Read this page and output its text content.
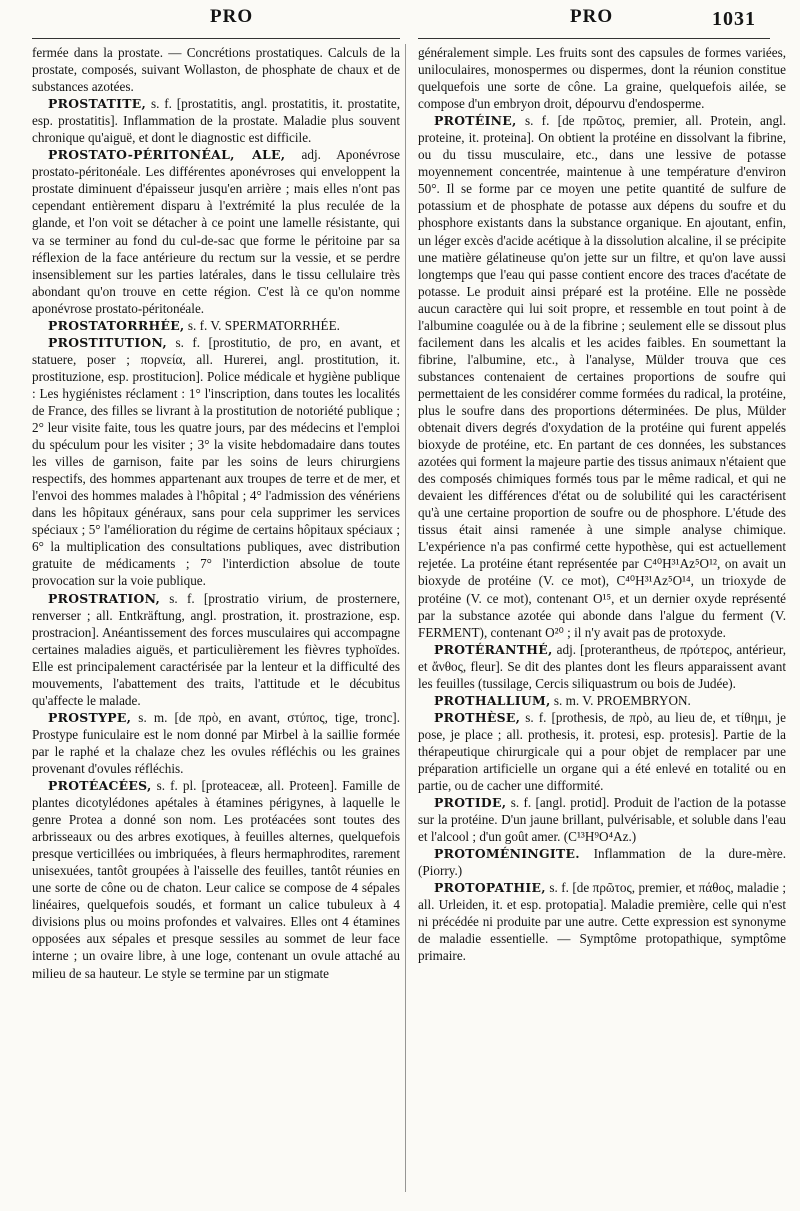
PRO	PRO	1031

fermée dans la prostate. — Concrétions prostatiques. Calculs de la prostate, composés, suivant Wollaston, de phosphate de chaux et de substances azotées.

PROSTATITE, s. f. [prostatitis, angl. prostatitis, it. prostatite, esp. prostatitis]. Inflammation de la prostate. Maladie plus souvent chronique qu'aiguë, et dont le diagnostic est difficile.

PROSTATO-PÉRITONÉAL, ALE, adj. Aponévrose prostato-péritonéale. Les différentes aponévroses qui enveloppent la prostate diminuent d'épaisseur jusqu'en arrière ; mais elles n'ont pas cependant entièrement disparu à l'extrémité la plus reculée de la glande, et l'on voit se détacher à ce point une lamelle résistante, qui va se terminer au fond du cul-de-sac que forme le péritoine par sa réflexion de la face antérieure du rectum sur la vessie, et se perdre insensiblement sur les parties latérales, dans le tissu cellulaire très abondant qu'on trouve en cette région. C'est là ce qu'on nomme aponévrose prostato-péritonéale.

PROSTATORRHÉE, s. f. V. SPERMATORRHÉE.

PROSTITUTION, s. f. [prostitutio, de pro, en avant, et statuere, poser ; πορνεία, all. Hurerei, angl. prostitution, it. prostituzione, esp. prostitucion]. Police médicale et hygiène publique : Les hygiénistes réclament : 1° l'inscription, dans toutes les localités de France, des filles se livrant à la prostitution de notoriété publique ; 2° leur visite faite, tous les quatre jours, par des médecins et l'emploi du spéculum pour les visiter ; 3° la visite hebdomadaire dans toutes les villes de garnison, faite par les soins de leurs chirurgiens respectifs, des hommes appartenant aux troupes de terre et de mer, et l'envoi des hommes malades à l'hôpital ; 4° l'admission des vénériens dans les hôpitaux généraux, sans pour cela supprimer les services spéciaux ; 5° l'amélioration du régime de certains hôpitaux spéciaux ; 6° la multiplication des consultations publiques, avec distribution gratuite de médicaments ; 7° l'interdiction absolue de toute provocation sur la voie publique.

PROSTRATION, s. f. [prostratio virium, de prosternere, renverser ; all. Entkräftung, angl. prostration, it. prostrazione, esp. prostracion]. Anéantissement des forces musculaires qui accompagne certaines maladies aiguës, et particulièrement les fièvres typhoïdes. Elle est principalement caractérisée par la lenteur et la difficulté des mouvements, l'abattement des traits, l'attitude et le décubitus qu'affecte le malade.

PROSTYPE, s. m. [de πρὸ, en avant, στύπος, tige, tronc]. Prostype funiculaire est le nom donné par Mirbel à la saillie formée par le raphé et la chalaze chez les ovules réfléchis ou les graines provenant d'ovules réfléchis.

PROTÉACÉES, s. f. pl. [proteaceæ, all. Proteen]. Famille de plantes dicotylédones apétales à étamines périgynes, à laquelle le genre Protea a donné son nom. Les protéacées sont toutes des arbrisseaux ou des arbres exotiques, à feuilles alternes, quelquefois presque verticillées ou imbriquées, à fleurs hermaphrodites, rarement unisexuées, tantôt groupées à l'aisselle des feuilles, tantôt réunies en une sorte de cône ou de chaton. Leur calice se compose de 4 sépales linéaires, quelquefois soudés, et formant un calice tubuleux à 4 divisions plus ou moins profondes et valvaires. Elles ont 4 étamines opposées aux sépales et presque sessiles au sommet de leur face interne ; un ovaire libre, à une loge, contenant un ovule attaché au milieu de sa hauteur. Le style se termine par un stigmate

généralement simple. Les fruits sont des capsules de formes variées, uniloculaires, monospermes ou dispermes, dont la réunion constitue quelquefois une sorte de cône. La graine, quelquefois ailée, se compose d'un embryon droit, dépourvu d'endosperme.

PROTÉINE, s. f. [de πρῶτος, premier, all. Protein, angl. proteine, it. proteina]. On obtient la protéine en dissolvant la fibrine, ou du tissu musculaire, etc., dans une lessive de potasse moyennement concentrée, maintenue à une température d'environ 50°. Il se forme par ce moyen une petite quantité de sulfure de potassium et de phosphate de potasse aux dépens du soufre et du phosphore existants dans la substance organique. En ajoutant, enfin, un léger excès d'acide acétique à la dissolution alcaline, il se précipite une matière gélatineuse qu'on jette sur un filtre, et qu'on lave aussi longtemps que l'eau qui passe contient encore des traces d'acétate de potasse. Le produit ainsi préparé est la protéine. Elle ne possède aucun caractère qui lui soit propre, et ressemble en tout point à de l'albumine coagulée ou à de la fibrine ; seulement elle se dissout plus facilement dans les alcalis et les acides faibles. En soumettant la fibrine, l'albumine, etc., à l'analyse, Mülder trouva que ces substances contenaient de certaines proportions de soufre qui permettaient de les considérer comme formées du radical, la protéine, plus le soufre dans des proportions déterminées. De plus, Mülder obtenait divers degrés d'oxydation de la protéine qui furent appelés bioxyde de protéine, etc. En partant de ces données, les substances azotées qui forment la majeure partie des tissus animaux n'étaient que des composés chimiques formés tous par le même radical, et qui ne devaient les différences d'état ou de solubilité qui les caractérisent qu'à une certaine proportion de soufre ou de phosphore. L'étude des tissus était ainsi ramenée à une simple analyse chimique. L'expérience n'a pas confirmé cette hypothèse, qui est actuellement rejetée. La protéine étant représentée par C⁴⁰H³¹Az⁵O¹², on avait un bioxyde de protéine (V. ce mot), C⁴⁰H³¹Az⁵O¹⁴, un trioxyde de protéine (V. ce mot), contenant O¹⁵, et un dernier oxyde représenté par la substance azotée qui abonde dans l'algue du ferment (V. FERMENT), contenant O²⁰ ; il n'y avait pas de protoxyde.

PROTÉRANTHÉ, adj. [proterantheus, de πρότερος, antérieur, et ἄνθος, fleur]. Se dit des plantes dont les fleurs apparaissent avant les feuilles (tussilage, Cercis siliquastrum ou bois de Judée).

PROTHALLIUM, s. m. V. PROEMBRYON.

PROTHÈSE, s. f. [prothesis, de πρὸ, au lieu de, et τίθημι, je pose, je place ; all. prothesis, it. protesi, esp. protesis]. Partie de la thérapeutique chirurgicale qui a pour objet de remplacer par une préparation artificielle un organe qui a été enlevé en totalité ou en partie, ou de cacher une difformité.

PROTIDE, s. f. [angl. protid]. Produit de l'action de la potasse sur la protéine. D'un jaune brillant, pulvérisable, et soluble dans l'eau et l'alcool ; d'un goût amer. (C¹³H⁹O⁴Az.)

PROTOMÉNINGITE. Inflammation de la dure-mère. (Piorry.)

PROTOPATHIE, s. f. [de πρῶτος, premier, et πάθος, maladie ; all. Urleiden, it. et esp. protopatia]. Maladie première, celle qui n'est ni précédée ni produite par une autre. Cette expression est synonyme de maladie essentielle. — Symptôme protopathique, symptôme primaire.
